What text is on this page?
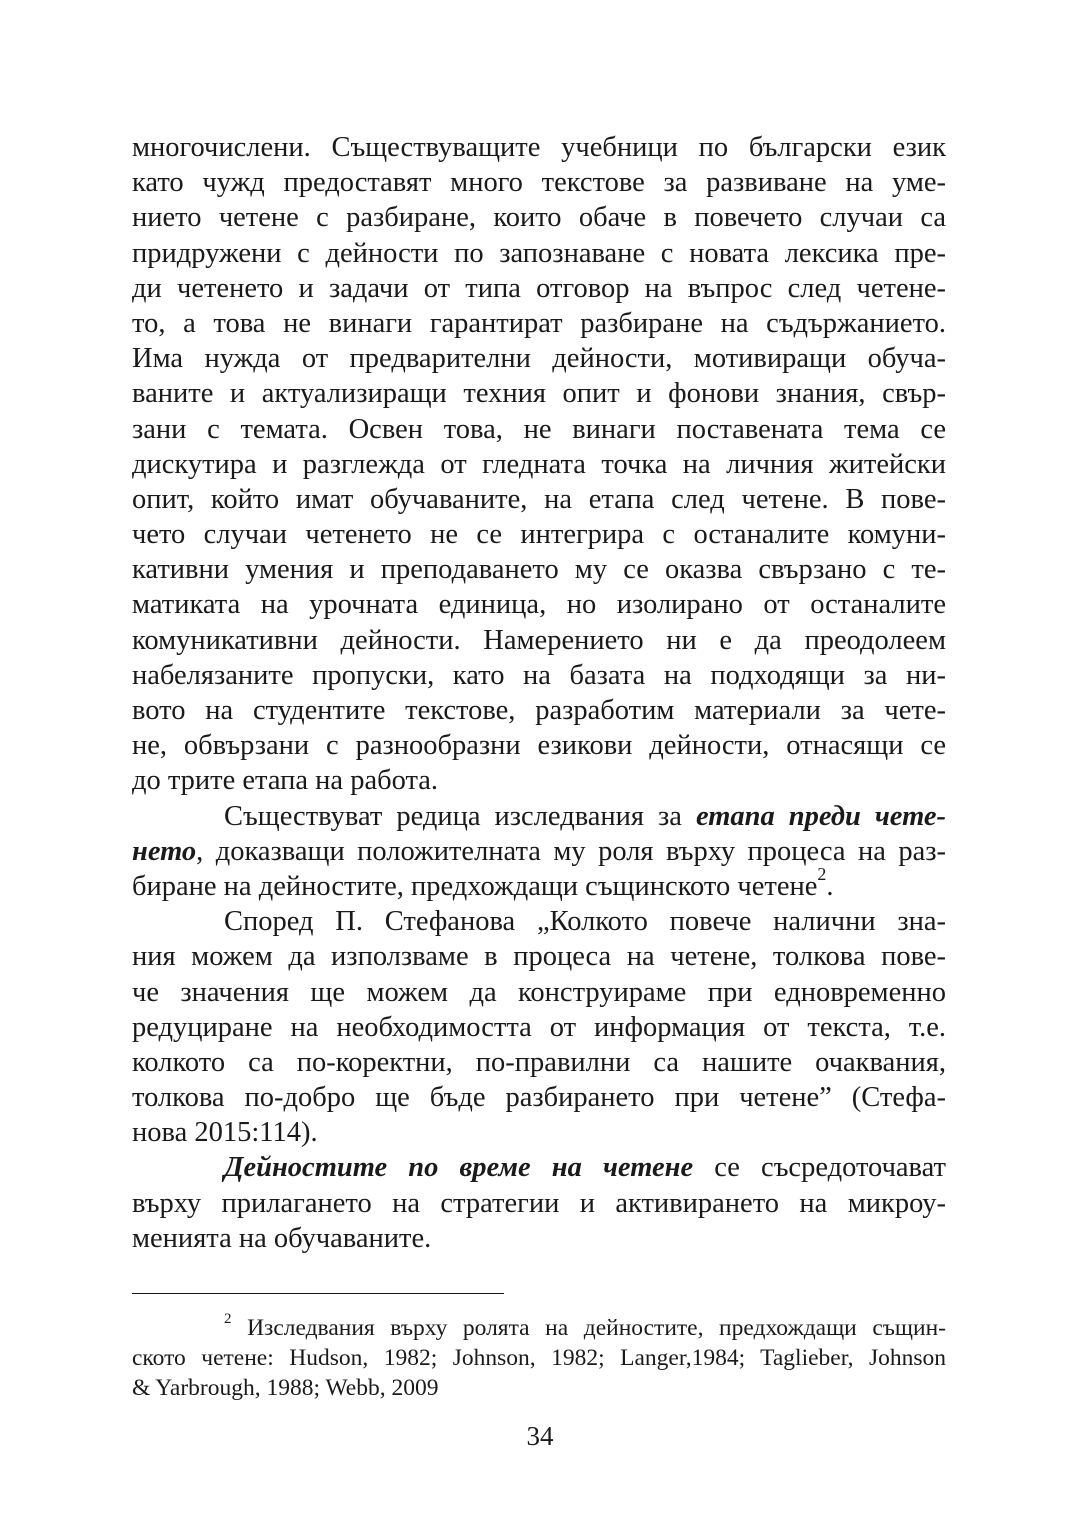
многочислени. Съществуващите учебници по български език
като чужд предоставят много текстове за развиване на уме-
нието четене с разбиране, които обаче в повечето случаи са
придружени с дейности по запознаване с новата лексика пре-
ди четенето и задачи от типа отговор на въпрос след четене-
то, а това не винаги гарантират разбиране на съдържанието.
Има нужда от предварителни дейности, мотивиращи обуча-
ваните и актуализиращи техния опит и фонови знания, свър-
зани с темата. Освен това, не винаги поставената тема се
дискутира и разглежда от гледната точка на личния житейски
опит, който имат обучаваните, на етапа след четене. В пове-
чето случаи четенето не се интегрира с останалите комуни-
кативни умения и преподаването му се оказва свързано с те-
матиката на урочната единица, но изолирано от останалите
комуникативни дейности. Намерението ни е да преодолеем
набелязаните пропуски, като на базата на подходящи за ни-
вото на студентите текстове, разработим материали за чете-
не, обвързани с разнообразни езикови дейности, отнасящи се
до трите етапа на работа.
Съществуват редица изследвания за етапа преди чете-
нето, доказващи положителната му роля върху процеса на раз-
биране на дейностите, предхождащи същинското четене$^2$.
Според П. Стефанова „Колкото повече налични зна-
ния можем да използваме в процеса на четене, толкова пове-
че значения ще можем да конструираме при едновременно
редуциране на необходимостта от информация от текста, т.е.
колкото са по-коректни, по-правилни са нашите очаквания,
толкова по-добро ще бъде разбирането при четене” (Стефа-
нова 2015:114).
Дейностите по време на четене се съсредоточават
върху прилагането на стратегии и активирането на микроу-
менията на обучаваните.
$^2$ Изследвания върху ролята на дейностите, предхождащи същин-
ското четене: Hudson, 1982; Johnson, 1982; Langer,1984; Taglieber, Johnson
& Yarbrough, 1988; Webb, 2009
34
